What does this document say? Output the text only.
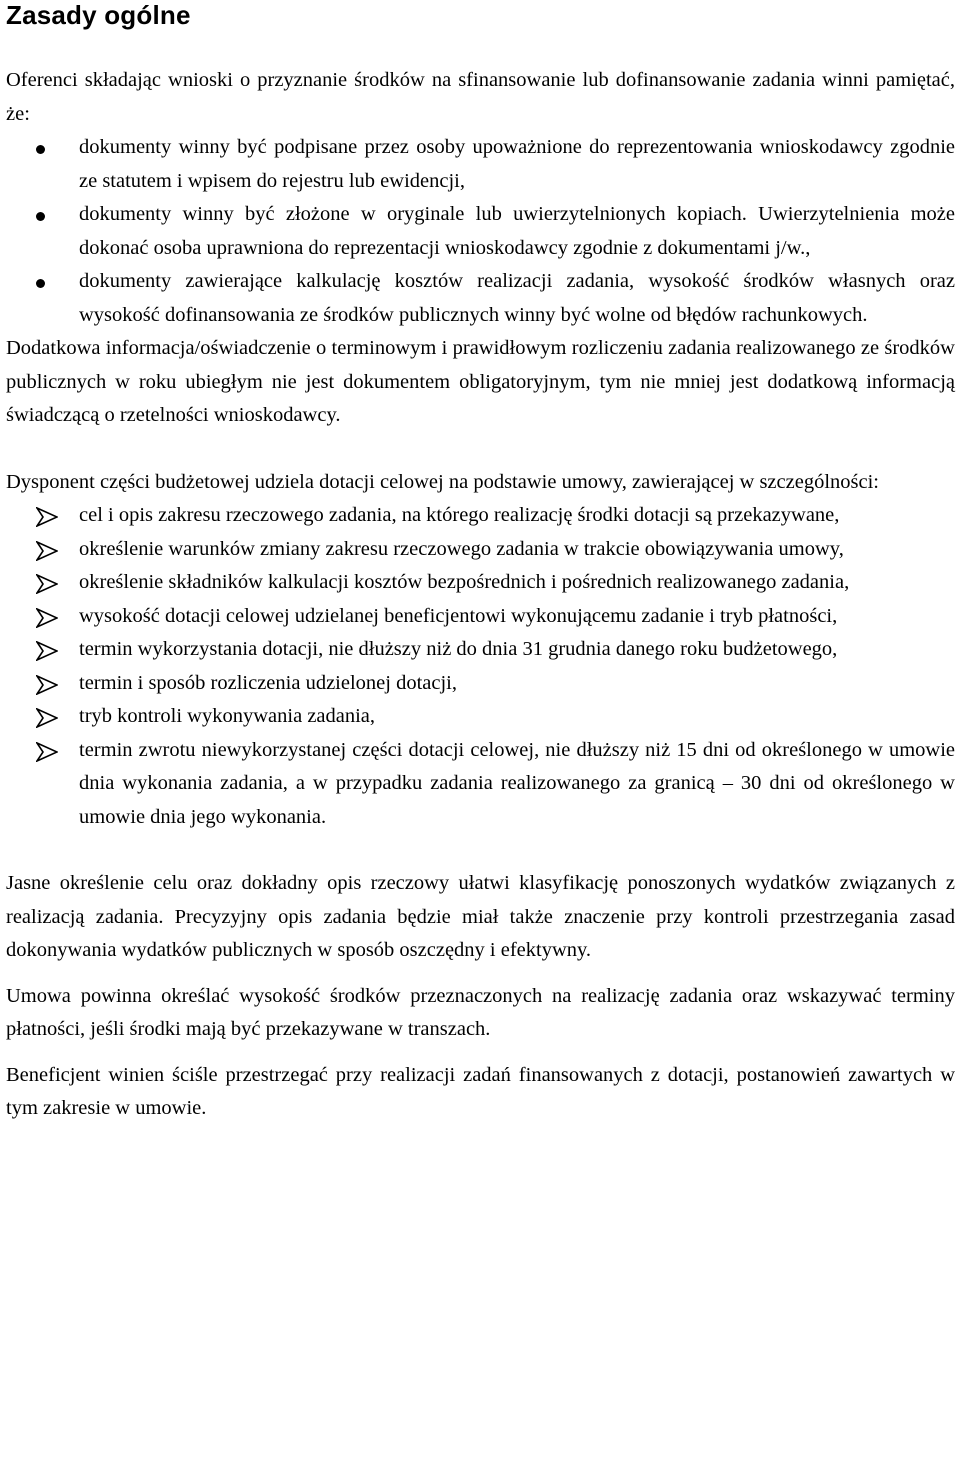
Zasady ogólne

Oferenci składając wnioski o przyznanie środków na sfinansowanie lub dofinansowanie zadania winni pamiętać, że:

dokumenty winny być podpisane przez osoby upoważnione do reprezentowania wnioskodawcy zgodnie ze statutem i wpisem do rejestru lub ewidencji,
dokumenty winny być złożone w oryginale lub uwierzytelnionych kopiach. Uwierzytelnienia może dokonać osoba uprawniona do reprezentacji wnioskodawcy zgodnie z dokumentami j/w.,
dokumenty zawierające kalkulację kosztów realizacji zadania, wysokość środków własnych oraz wysokość dofinansowania ze środków publicznych winny być wolne od błędów rachunkowych.

Dodatkowa informacja/oświadczenie o terminowym i prawidłowym rozliczeniu zadania realizowanego ze środków publicznych w roku ubiegłym nie jest dokumentem obligatoryjnym, tym nie mniej jest dodatkową informacją świadczącą o rzetelności wnioskodawcy.

Dysponent części budżetowej udziela dotacji celowej na podstawie umowy, zawierającej w szczególności:

cel i opis zakresu rzeczowego zadania, na którego realizację środki dotacji są przekazywane,
określenie warunków zmiany zakresu rzeczowego zadania w trakcie obowiązywania umowy,
określenie składników kalkulacji kosztów bezpośrednich i pośrednich realizowanego zadania,
wysokość dotacji celowej udzielanej beneficjentowi wykonującemu zadanie i tryb płatności,
termin wykorzystania dotacji, nie dłuższy niż do dnia 31 grudnia danego roku budżetowego,
termin i sposób rozliczenia udzielonej dotacji,
tryb kontroli wykonywania zadania,
termin zwrotu niewykorzystanej części dotacji celowej, nie dłuższy niż 15 dni od określonego w umowie dnia wykonania zadania, a w przypadku zadania realizowanego za granicą – 30 dni od określonego w umowie dnia jego wykonania.

Jasne określenie celu oraz dokładny opis rzeczowy ułatwi klasyfikację ponoszonych wydatków związanych z realizacją zadania. Precyzyjny opis zadania będzie miał także znaczenie przy kontroli przestrzegania zasad dokonywania wydatków publicznych w sposób oszczędny i efektywny.

Umowa powinna określać wysokość środków przeznaczonych na realizację zadania oraz wskazywać terminy płatności, jeśli środki mają być przekazywane w transzach.

Beneficjent winien ściśle przestrzegać przy realizacji zadań finansowanych z dotacji, postanowień zawartych w tym zakresie w umowie.
